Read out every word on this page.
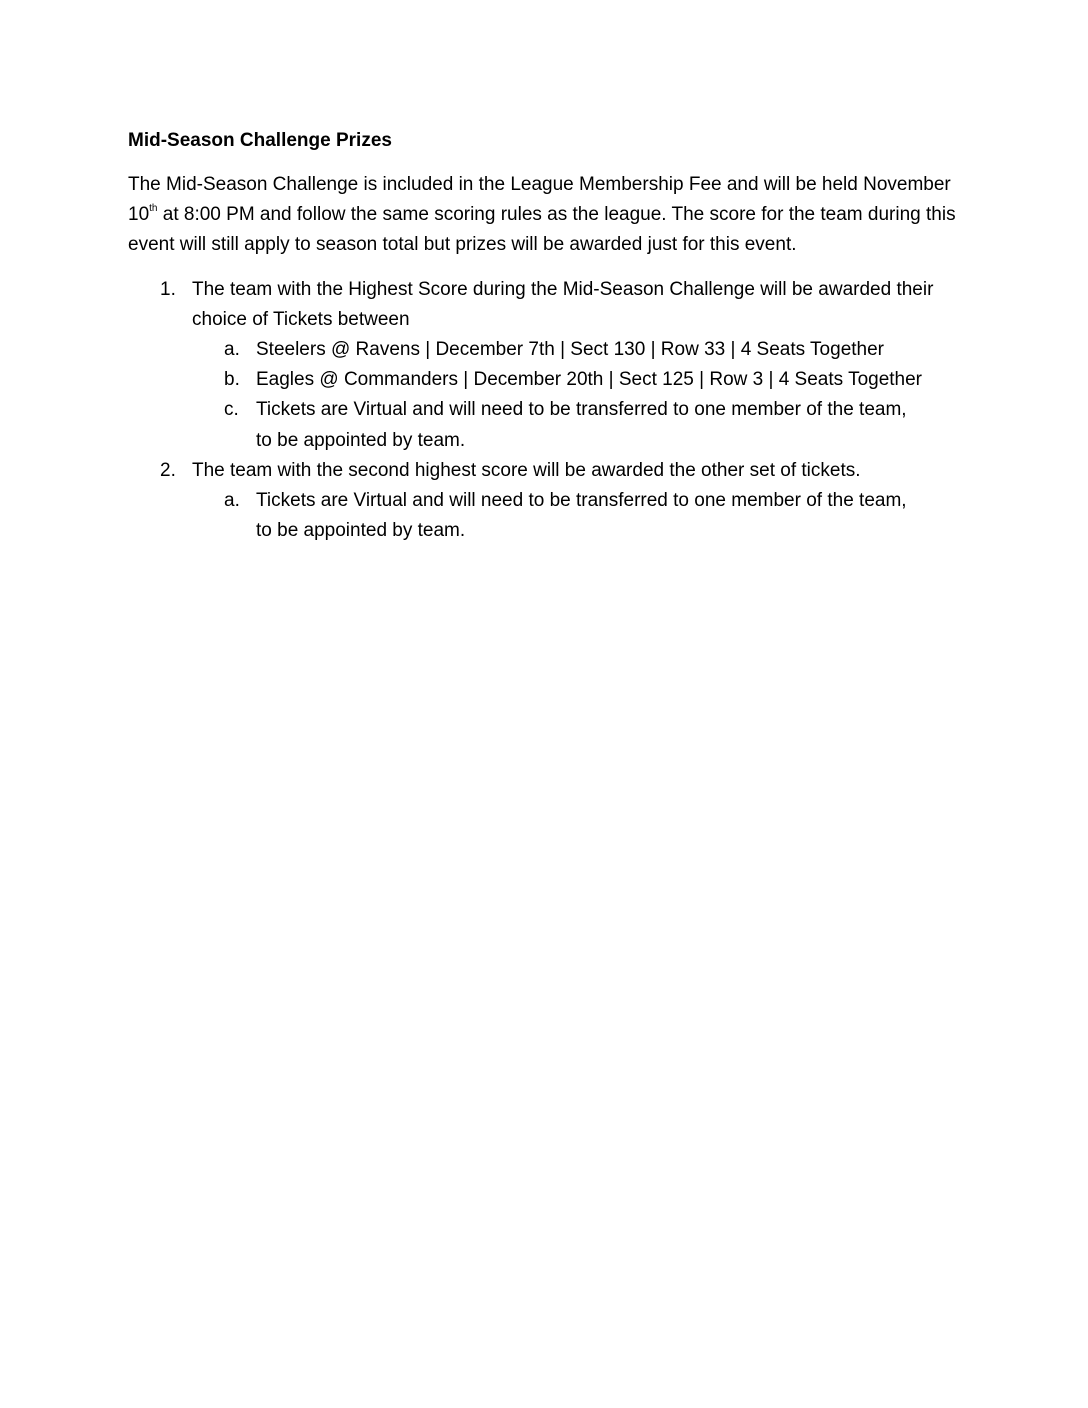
Mid-Season Challenge Prizes

The Mid-Season Challenge is included in the League Membership Fee and will be held November 10th at 8:00 PM and follow the same scoring rules as the league. The score for the team during this event will still apply to season total but prizes will be awarded just for this event.

1. The team with the Highest Score during the Mid-Season Challenge will be awarded their choice of Tickets between
a. Steelers @ Ravens | December 7th | Sect 130 | Row 33 | 4 Seats Together
b. Eagles @ Commanders | December 20th | Sect 125 | Row 3 | 4 Seats Together
c. Tickets are Virtual and will need to be transferred to one member of the team, to be appointed by team.
2. The team with the second highest score will be awarded the other set of tickets.
a. Tickets are Virtual and will need to be transferred to one member of the team, to be appointed by team.
